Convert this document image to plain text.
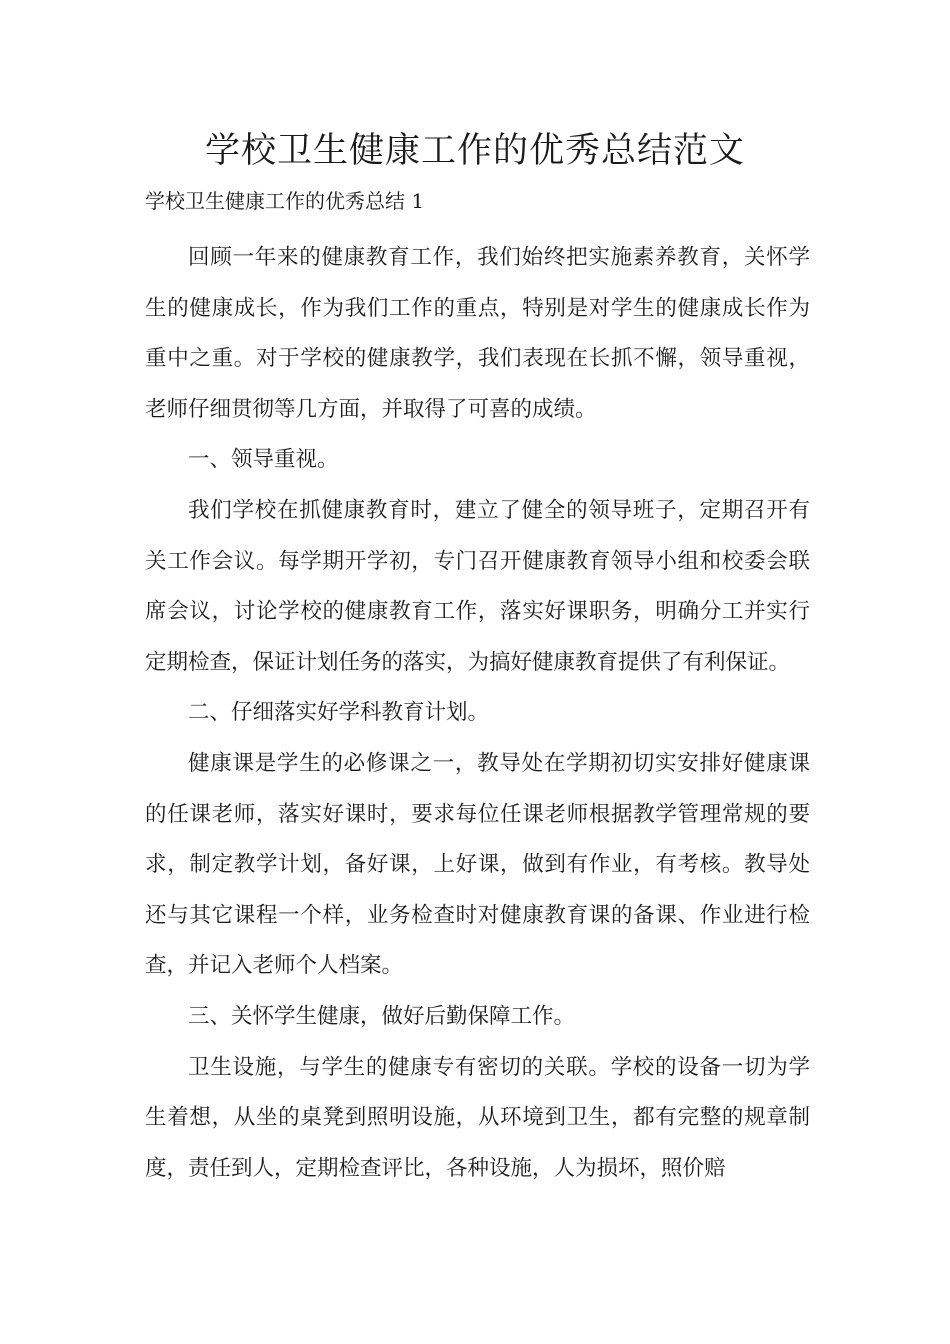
学校卫生健康工作的优秀总结范文

学校卫生健康工作的优秀总结 1

回顾一年来的健康教育工作，我们始终把实施素养教育，关怀学生的健康成长，作为我们工作的重点，特别是对学生的健康成长作为重中之重。对于学校的健康教学，我们表现在长抓不懈，领导重视，老师仔细贯彻等几方面，并取得了可喜的成绩。

一、领导重视。

我们学校在抓健康教育时，建立了健全的领导班子，定期召开有关工作会议。每学期开学初，专门召开健康教育领导小组和校委会联席会议，讨论学校的健康教育工作，落实好课职务，明确分工并实行定期检查，保证计划任务的落实，为搞好健康教育提供了有利保证。

二、仔细落实好学科教育计划。

健康课是学生的必修课之一，教导处在学期初切实安排好健康课的任课老师，落实好课时，要求每位任课老师根据教学管理常规的要求，制定教学计划，备好课，上好课，做到有作业，有考核。教导处还与其它课程一个样，业务检查时对健康教育课的备课、作业进行检查，并记入老师个人档案。

三、关怀学生健康，做好后勤保障工作。

卫生设施，与学生的健康专有密切的关联。学校的设备一切为学生着想，从坐的桌凳到照明设施，从环境到卫生，都有完整的规章制度，责任到人，定期检查评比，各种设施，人为损坏，照价赔
